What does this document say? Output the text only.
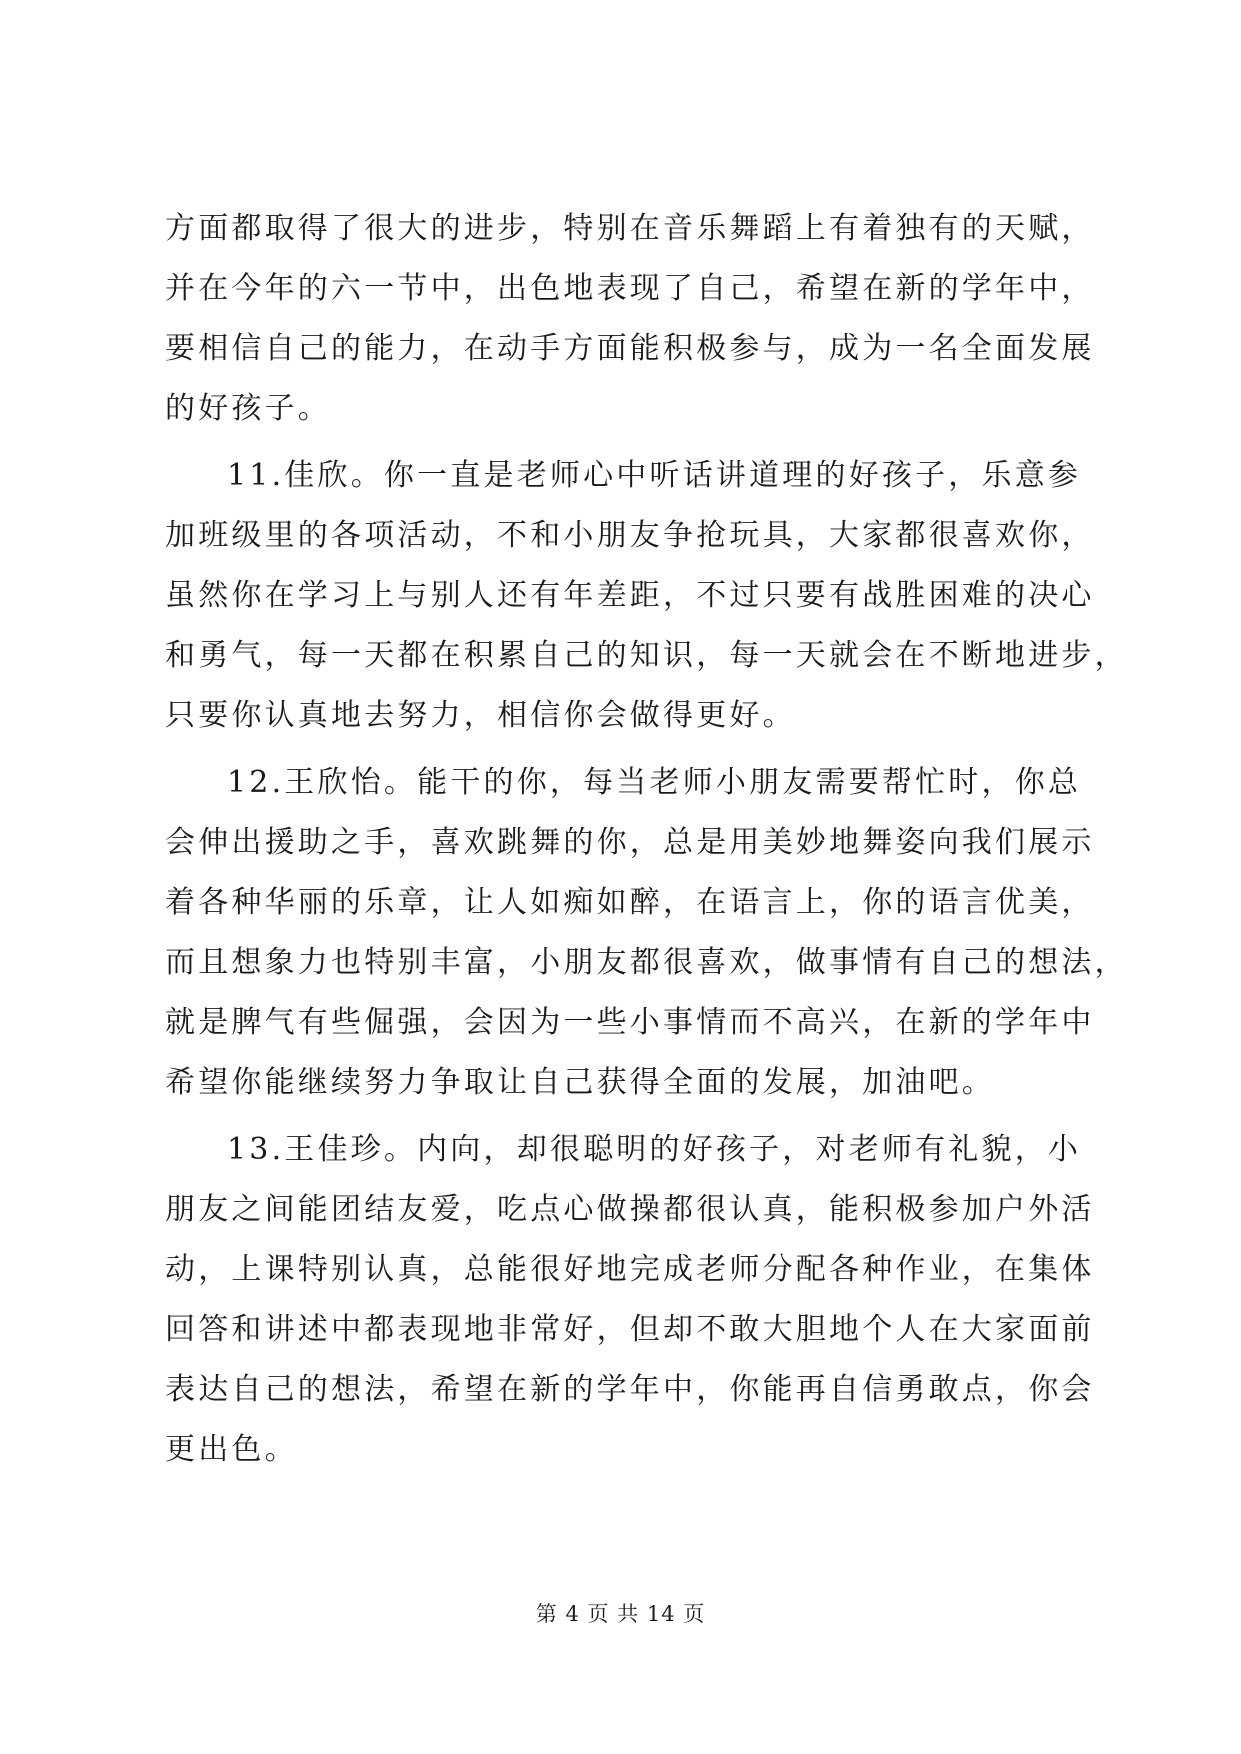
方面都取得了很大的进步，特别在音乐舞蹈上有着独有的天赋，
并在今年的六一节中，出色地表现了自己，希望在新的学年中，
要相信自己的能力，在动手方面能积极参与，成为一名全面发展
的好孩子。
11.佳欣。你一直是老师心中听话讲道理的好孩子，乐意参
加班级里的各项活动，不和小朋友争抢玩具，大家都很喜欢你，
虽然你在学习上与别人还有年差距，不过只要有战胜困难的决心
和勇气，每一天都在积累自己的知识，每一天就会在不断地进步，
只要你认真地去努力，相信你会做得更好。
12.王欣怡。能干的你，每当老师小朋友需要帮忙时，你总
会伸出援助之手，喜欢跳舞的你，总是用美妙地舞姿向我们展示
着各种华丽的乐章，让人如痴如醉，在语言上，你的语言优美，
而且想象力也特别丰富，小朋友都很喜欢，做事情有自己的想法，
就是脾气有些倔强，会因为一些小事情而不高兴，在新的学年中
希望你能继续努力争取让自己获得全面的发展，加油吧。
13.王佳珍。内向，却很聪明的好孩子，对老师有礼貌，小
朋友之间能团结友爱，吃点心做操都很认真，能积极参加户外活
动，上课特别认真，总能很好地完成老师分配各种作业，在集体
回答和讲述中都表现地非常好，但却不敢大胆地个人在大家面前
表达自己的想法，希望在新的学年中，你能再自信勇敢点，你会
更出色。
第 4 页 共 14 页
